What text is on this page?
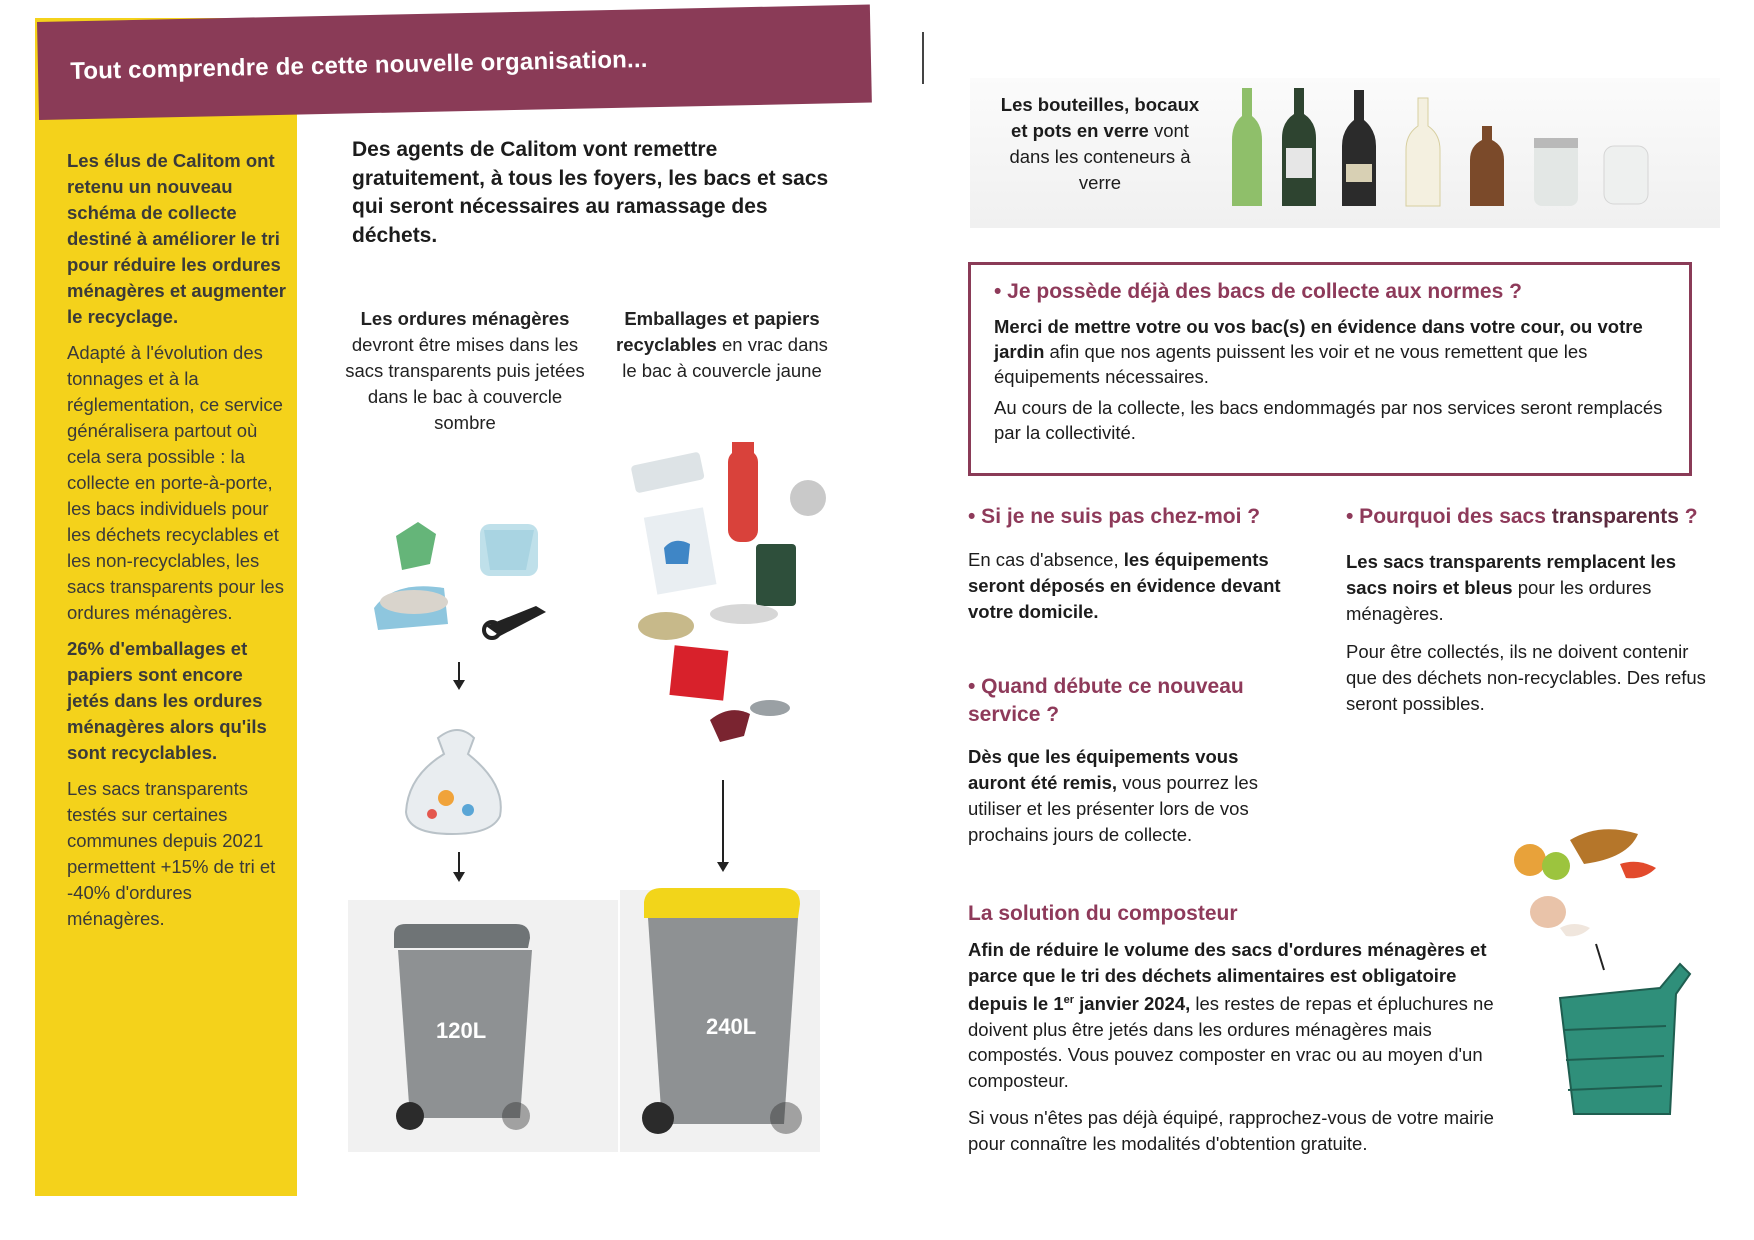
Tout comprendre de cette nouvelle organisation...

Les élus de Calitom ont retenu un nouveau schéma de collecte destiné à améliorer le tri pour réduire les ordures ménagères et augmenter le recyclage.

Adapté à l'évolution des tonnages et à la réglementation, ce service généralisera partout où cela sera possible : la collecte en porte-à-porte, les bacs individuels pour les déchets recyclables et les non-recyclables, les sacs transparents pour les ordures ménagères.

26% d'emballages et papiers sont encore jetés dans les ordures ménagères alors qu'ils sont recyclables.

Les sacs transparents testés sur certaines communes depuis 2021 permettent +15% de tri et -40% d'ordures ménagères.

Des agents de Calitom vont remettre gratuitement, à tous les foyers, les bacs et sacs qui seront nécessaires au ramassage des déchets.
Les ordures ménagères devront être mises dans les sacs transparents puis jetées dans le bac à couvercle sombre
Emballages et papiers recyclables en vrac dans le bac à couvercle jaune
120L	240L
Les bouteilles, bocaux et pots en verre vont dans les conteneurs à verre
• Je possède déjà des bacs de collecte aux normes ?

Merci de mettre votre ou vos bac(s) en évidence dans votre cour, ou votre jardin afin que nos agents puissent les voir et ne vous remettent que les équipements nécessaires.

Au cours de la collecte, les bacs endommagés par nos services seront remplacés par la collectivité.

• Si je ne suis pas chez-moi ?
En cas d'absence, les équipements seront déposés en évidence devant votre domicile.
• Pourquoi des sacs transparents ?

Les sacs transparents remplacent les sacs noirs et bleus pour les ordures ménagères.

Pour être collectés, ils ne doivent contenir que des déchets non-recyclables. Des refus seront possibles.

• Quand débute ce nouveau service ?
Dès que les équipements vous auront été remis, vous pourrez les utiliser et les présenter lors de vos prochains jours de collecte.
La solution du composteur

Afin de réduire le volume des sacs d'ordures ménagères et parce que le tri des déchets alimentaires est obligatoire depuis le 1er janvier 2024, les restes de repas et épluchures ne doivent plus être jetés dans les ordures ménagères mais compostés. Vous pouvez composter en vrac ou au moyen d'un composteur.

Si vous n'êtes pas déjà équipé, rapprochez-vous de votre mairie pour connaître les modalités d'obtention gratuite.
